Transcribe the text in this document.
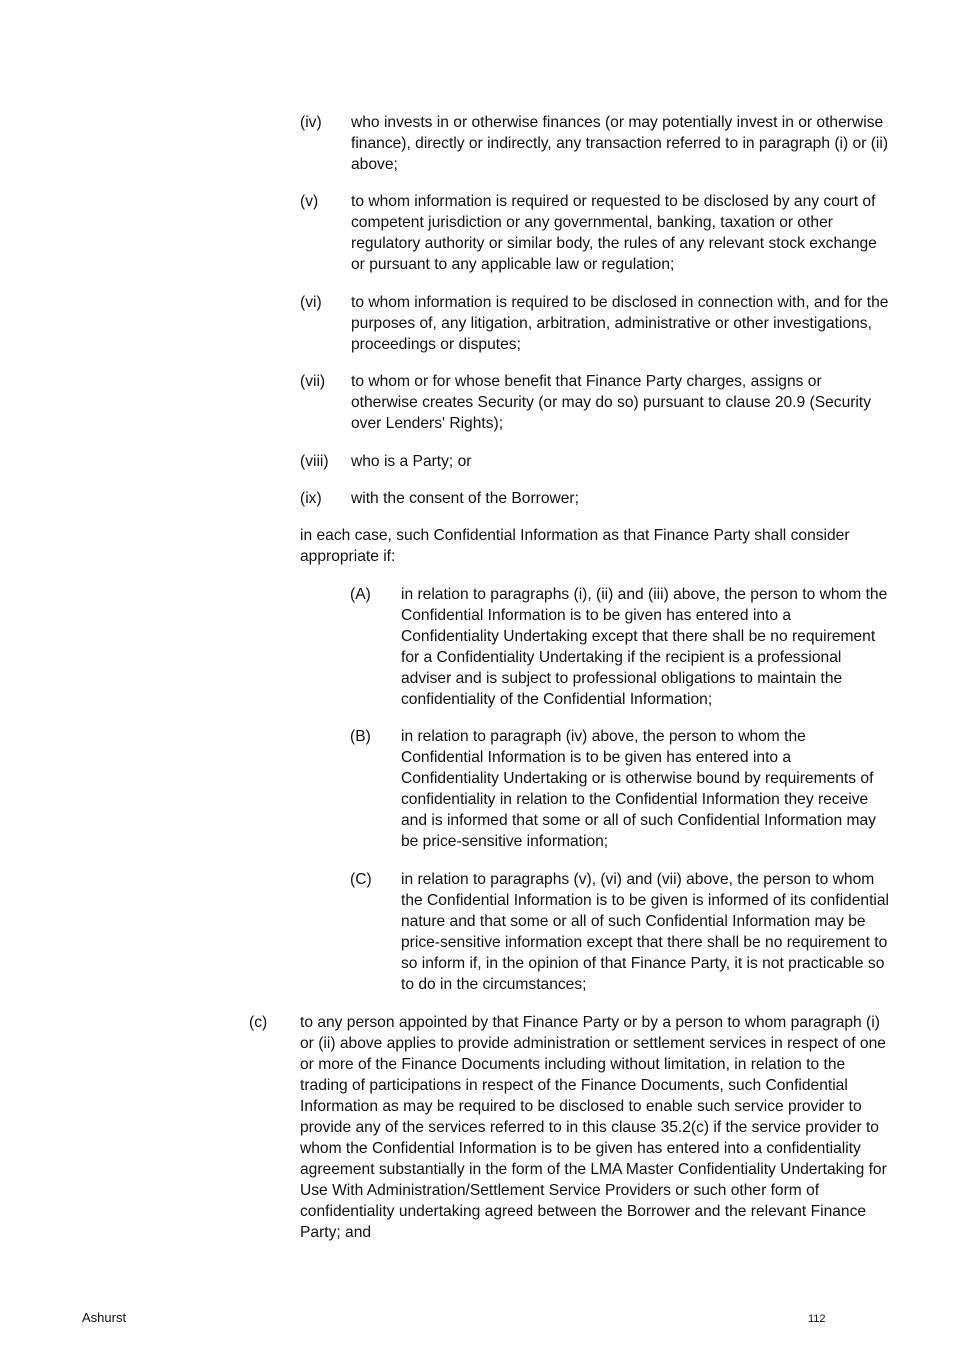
(iv) who invests in or otherwise finances (or may potentially invest in or otherwise finance), directly or indirectly, any transaction referred to in paragraph (i) or (ii) above;
(v) to whom information is required or requested to be disclosed by any court of competent jurisdiction or any governmental, banking, taxation or other regulatory authority or similar body, the rules of any relevant stock exchange or pursuant to any applicable law or regulation;
(vi) to whom information is required to be disclosed in connection with, and for the purposes of, any litigation, arbitration, administrative or other investigations, proceedings or disputes;
(vii) to whom or for whose benefit that Finance Party charges, assigns or otherwise creates Security (or may do so) pursuant to clause 20.9 (Security over Lenders' Rights);
(viii) who is a Party; or
(ix) with the consent of the Borrower;
in each case, such Confidential Information as that Finance Party shall consider appropriate if:
(A) in relation to paragraphs (i), (ii) and (iii) above, the person to whom the Confidential Information is to be given has entered into a Confidentiality Undertaking except that there shall be no requirement for a Confidentiality Undertaking if the recipient is a professional adviser and is subject to professional obligations to maintain the confidentiality of the Confidential Information;
(B) in relation to paragraph (iv) above, the person to whom the Confidential Information is to be given has entered into a Confidentiality Undertaking or is otherwise bound by requirements of confidentiality in relation to the Confidential Information they receive and is informed that some or all of such Confidential Information may be price-sensitive information;
(C) in relation to paragraphs (v), (vi) and (vii) above, the person to whom the Confidential Information is to be given is informed of its confidential nature and that some or all of such Confidential Information may be price-sensitive information except that there shall be no requirement to so inform if, in the opinion of that Finance Party, it is not practicable so to do in the circumstances;
(c) to any person appointed by that Finance Party or by a person to whom paragraph (i) or (ii) above applies to provide administration or settlement services in respect of one or more of the Finance Documents including without limitation, in relation to the trading of participations in respect of the Finance Documents, such Confidential Information as may be required to be disclosed to enable such service provider to provide any of the services referred to in this clause 35.2(c) if the service provider to whom the Confidential Information is to be given has entered into a confidentiality agreement substantially in the form of the LMA Master Confidentiality Undertaking for Use With Administration/Settlement Service Providers or such other form of confidentiality undertaking agreed between the Borrower and the relevant Finance Party; and
Ashurst	112
